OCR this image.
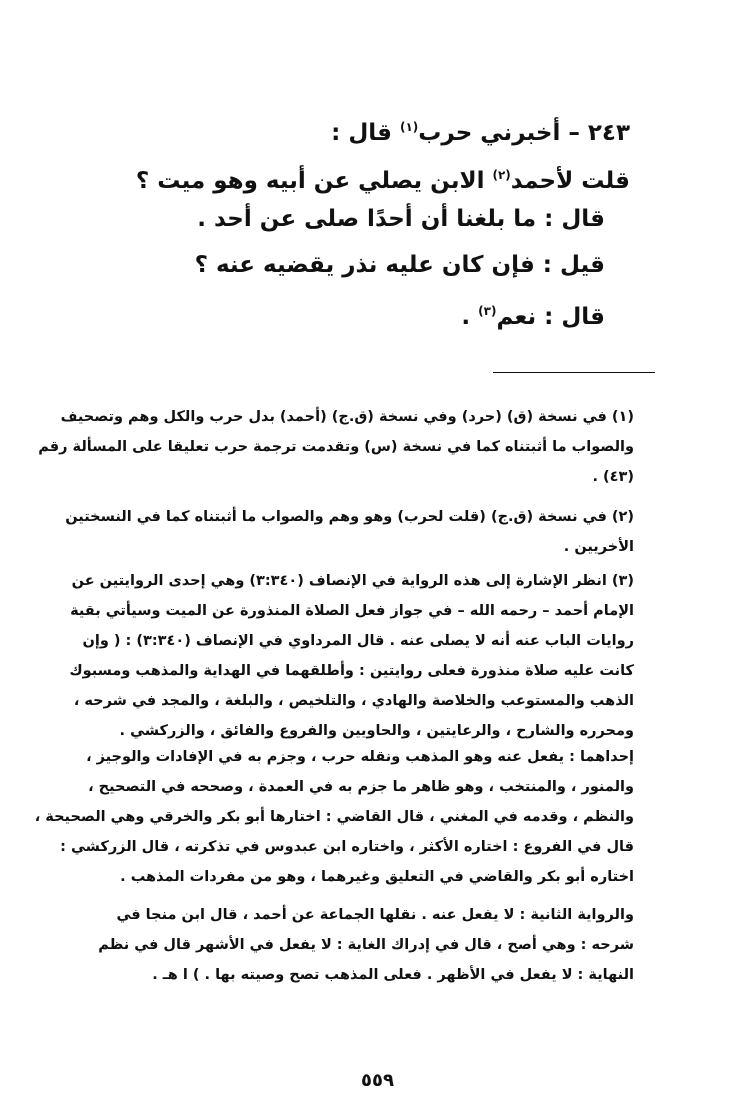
٢٤٣ – أخبرني حرب$^{(١)}$ قال :
قلت لأحمد$^{(٢)}$ الابن يصلي عن أبيه وهو ميت ؟
قال : ما بلغنا أن أحدًا صلى عن أحد .
قيل : فإن كان عليه نذر يقضيه عنه ؟
قال : نعم$^{(٣)}$ .
(١) في نسخة (ق) (حرد) وفي نسخة (ق.ج) (أحمد) بدل حرب والكل وهم وتصحيف
والصواب ما أثبتناه كما في نسخة (س) وتقدمت ترجمة حرب تعليقا على المسألة رقم
(٤٣) .
(٢) في نسخة (ق.ج) (قلت لحرب) وهو وهم والصواب ما أثبتناه كما في النسختين
الأخريين .
(٣) انظر الإشارة إلى هذه الرواية في الإنصاف (٣:٣٤٠) وهي إحدى الروايتين عن
الإمام أحمد – رحمه الله – في جواز فعل الصلاة المنذورة عن الميت وسيأتي بقية
روايات الباب عنه أنه لا يصلى عنه . قال المرداوي في الإنصاف (٣:٣٤٠) : ( وإن
كانت عليه صلاة منذورة فعلى روايتين : وأطلقهما في الهداية والمذهب ومسبوك
الذهب والمستوعب والخلاصة والهادي ، والتلخيص ، والبلغة ، والمجد في شرحه ،
ومحرره والشارح ، والرعايتين ، والحاويين والفروع والفائق ، والزركشي .
إحداهما : يفعل عنه وهو المذهب ونقله حرب ، وجزم به في الإفادات والوجيز ،
والمنور ، والمنتخب ، وهو ظاهر ما جزم به في العمدة ، وصححه في التصحيح ،
والنظم ، وقدمه في المغني ، قال القاضي : اختارها أبو بكر والخرقي وهي الصحيحة ،
قال في الفروع : اختاره الأكثر ، واختاره ابن عبدوس في تذكرته ، قال الزركشي :
اختاره أبو بكر والقاضي في التعليق وغيرهما ، وهو من مفردات المذهب .
والرواية الثانية : لا يفعل عنه . نقلها الجماعة عن أحمد ، قال ابن منجا في
شرحه : وهي أصح ، قال في إدراك الغاية : لا يفعل في الأشهر قال في نظم
النهاية : لا يفعل في الأظهر . فعلى المذهب تصح وصيته بها . ) ا هـ .
٥٥٩
